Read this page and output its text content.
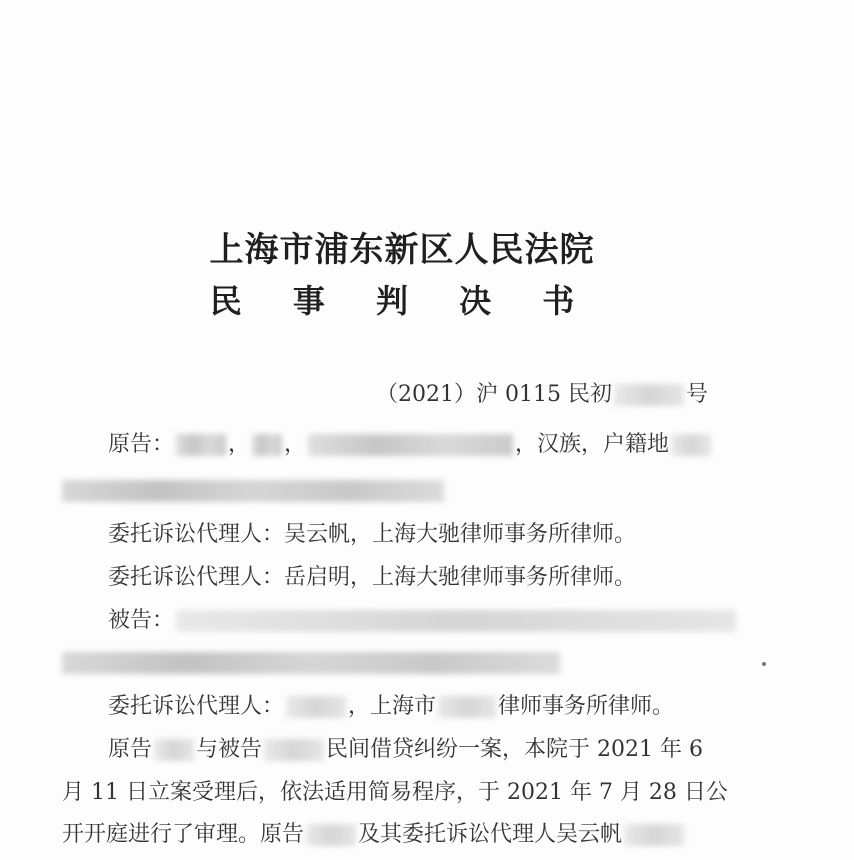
上海市浦东新区人民法院
民 事 判 决 书
（2021）沪 0115 民初	号
原告： ， ，	，汉族，户籍地
委托诉讼代理人：吴云帆，上海大驰律师事务所律师。
委托诉讼代理人：岳启明，上海大驰律师事务所律师。
被告：
委托诉讼代理人：	，上海市	律师事务所律师。
原告 与被告	民间借贷纠纷一案，本院于 2021 年 6
月 11 日立案受理后，依法适用简易程序，于 2021 年 7 月 28 日公
开开庭进行了审理。原告 及其委托诉讼代理人吴云帆
